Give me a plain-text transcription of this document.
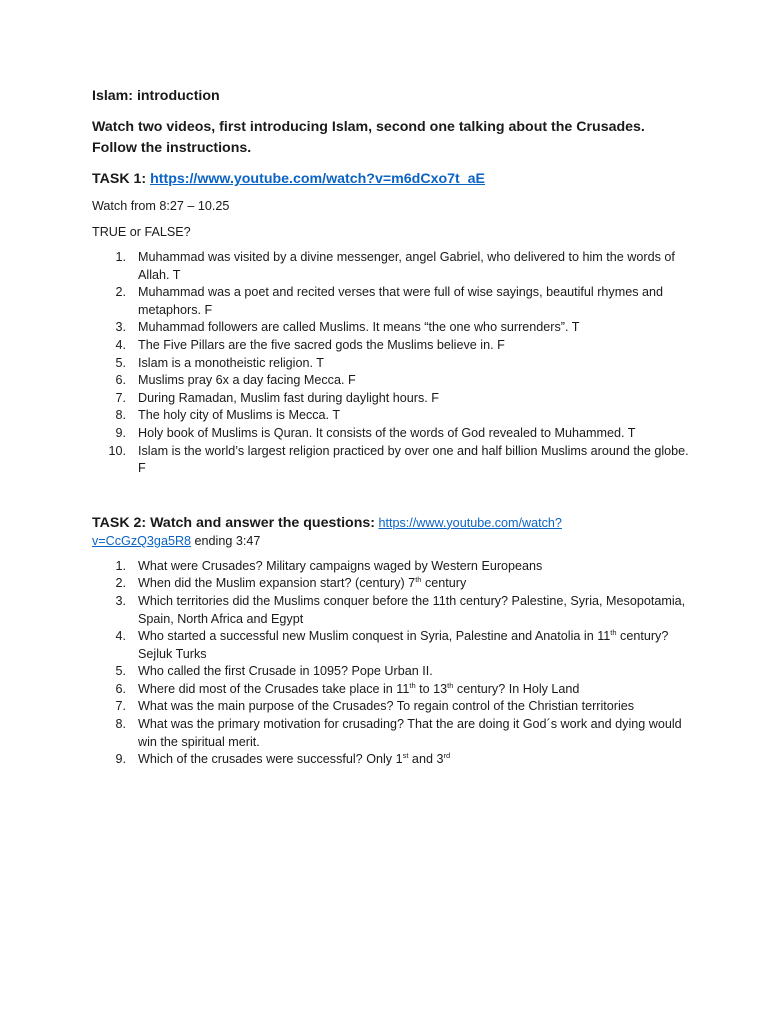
Islam: introduction

Watch two videos, first introducing Islam, second one talking about the Crusades. Follow the instructions.

TASK 1: https://www.youtube.com/watch?v=m6dCxo7t_aE

Watch from 8:27 – 10.25

TRUE or FALSE?

1. Muhammad was visited by a divine messenger, angel Gabriel, who delivered to him the words of Allah. T
2. Muhammad was a poet and recited verses that were full of wise sayings, beautiful rhymes and metaphors. F
3. Muhammad followers are called Muslims. It means “the one who surrenders”. T
4. The Five Pillars are the five sacred gods the Muslims believe in. F
5. Islam is a monotheistic religion. T
6. Muslims pray 6x a day facing Mecca. F
7. During Ramadan, Muslim fast during daylight hours. F
8. The holy city of Muslims is Mecca. T
9. Holy book of Muslims is Quran. It consists of the words of God revealed to Muhammed. T
10. Islam is the world’s largest religion practiced by over one and half billion Muslims around the globe. F

TASK 2: Watch and answer the questions: https://www.youtube.com/watch?
v=CcGzQ3ga5R8 ending 3:47

1. What were Crusades? Military campaigns waged by Western Europeans
2. When did the Muslim expansion start? (century) 7th century
3. Which territories did the Muslims conquer before the 11th century? Palestine, Syria, Mesopotamia, Spain, North Africa and Egypt
4. Who started a successful new Muslim conquest in Syria, Palestine and Anatolia in 11th century? Sejluk Turks
5. Who called the first Crusade in 1095? Pope Urban II.
6. Where did most of the Crusades take place in 11th to 13th century? In Holy Land
7. What was the main purpose of the Crusades? To regain control of the Christian territories
8. What was the primary motivation for crusading? That the are doing it God´s work and dying would win the spiritual merit.
9. Which of the crusades were successful? Only 1st and 3rd
